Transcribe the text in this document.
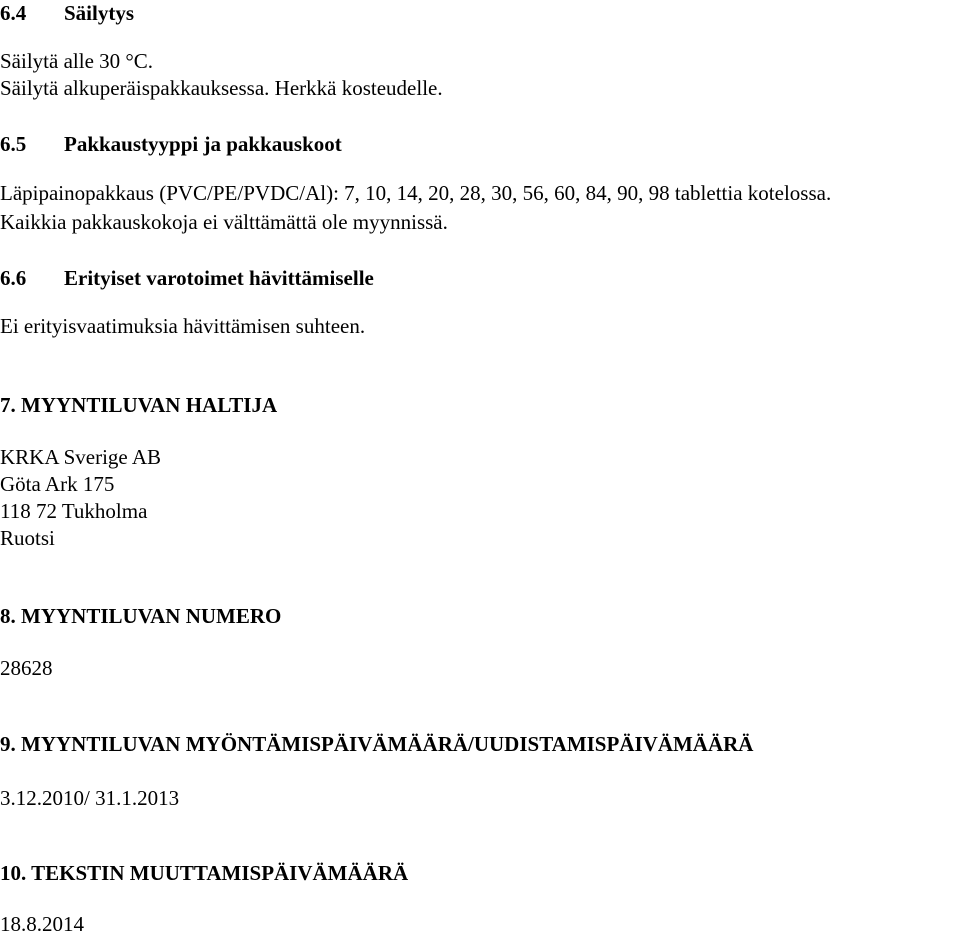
6.4 Säilytys
Säilytä alle 30 °C.
Säilytä alkuperäispakkauksessa. Herkkä kosteudelle.
6.5 Pakkaustyyppi ja pakkauskoot
Läpipainopakkaus (PVC/PE/PVDC/Al): 7, 10, 14, 20, 28, 30, 56, 60, 84, 90, 98 tablettia kotelossa.
Kaikkia pakkauskokoja ei välttämättä ole myynnissä.
6.6 Erityiset varotoimet hävittämiselle
Ei erityisvaatimuksia hävittämisen suhteen.
7. MYYNTILUVAN HALTIJA
KRKA Sverige AB
Göta Ark 175
118 72 Tukholma
Ruotsi
8. MYYNTILUVAN NUMERO
28628
9. MYYNTILUVAN MYÖNTÄMISPÄIVÄMÄÄRÄ/UUDISTAMISPÄIVÄMÄÄRÄ
3.12.2010/ 31.1.2013
10. TEKSTIN MUUTTAMISPÄIVÄMÄÄRÄ
18.8.2014
